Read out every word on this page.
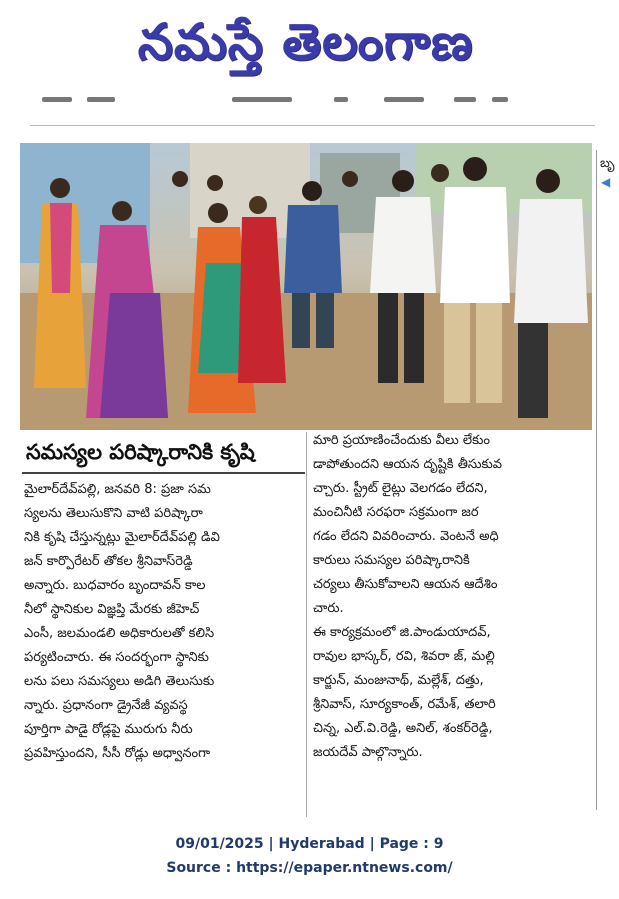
నమస్తే తెలంగాణ
బృ
◀
సమస్యల పరిష్కారానికి కృషి
మైలార్‌దేవ్‌పల్లి, జనవరి 8: ప్రజా సమ
స్యలను తెలుసుకొని వాటి పరిష్కారా
నికి కృషి చేస్తున్నట్లు మైలార్‌దేవ్‌పల్లి డివి
జన్ కార్పొరేటర్ తోకల శ్రీనివాస్‌రెడ్డి
అన్నారు. బుధవారం బృందావన్ కాల
నీలో స్థానికుల విజ్ఞప్తి మేరకు జీహెచ్
ఎంసీ, జలమండలి అధికారులతో కలిసి
పర్యటించారు. ఈ సందర్భంగా స్థానికు
లను పలు సమస్యలు అడిగి తెలుసుకు
న్నారు. ప్రధానంగా డ్రైనేజీ వ్యవస్థ
పూర్తిగా పాడై రోడ్లపై మురుగు నీరు
ప్రవహిస్తుందని, సీసీ రోడ్లు అధ్వానంగా
మారి ప్రయాణించేందుకు వీలు లేకుం
డాపోతుందని ఆయన దృష్టికి తీసుకువ
చ్చారు. స్ట్రీట్ లైట్లు వెలగడం లేదని,
మంచినీటి సరఫరా సక్రమంగా జర
గడం లేదని వివరించారు. వెంటనే అధి
కారులు సమస్యల పరిష్కారానికి
చర్యలు తీసుకోవాలని ఆయన ఆదేశిం
చారు.
ఈ కార్యక్రమంలో జి.పాండుయాదవ్,
రావుల భాస్కర్, రవి, శివరా జ్, మల్లి
కార్జున్, మంజునాథ్, మల్లేశ్, దత్తు,
శ్రీనివాస్, సూర్యకాంత్, రమేశ్, తలారి
చిన్న, ఎల్.వి.రెడ్డి, అనిల్, శంకర్‌రెడ్డి,
జయదేవ్ పాల్గొన్నారు.
09/01/2025 | Hyderabad | Page : 9
Source : https://epaper.ntnews.com/
